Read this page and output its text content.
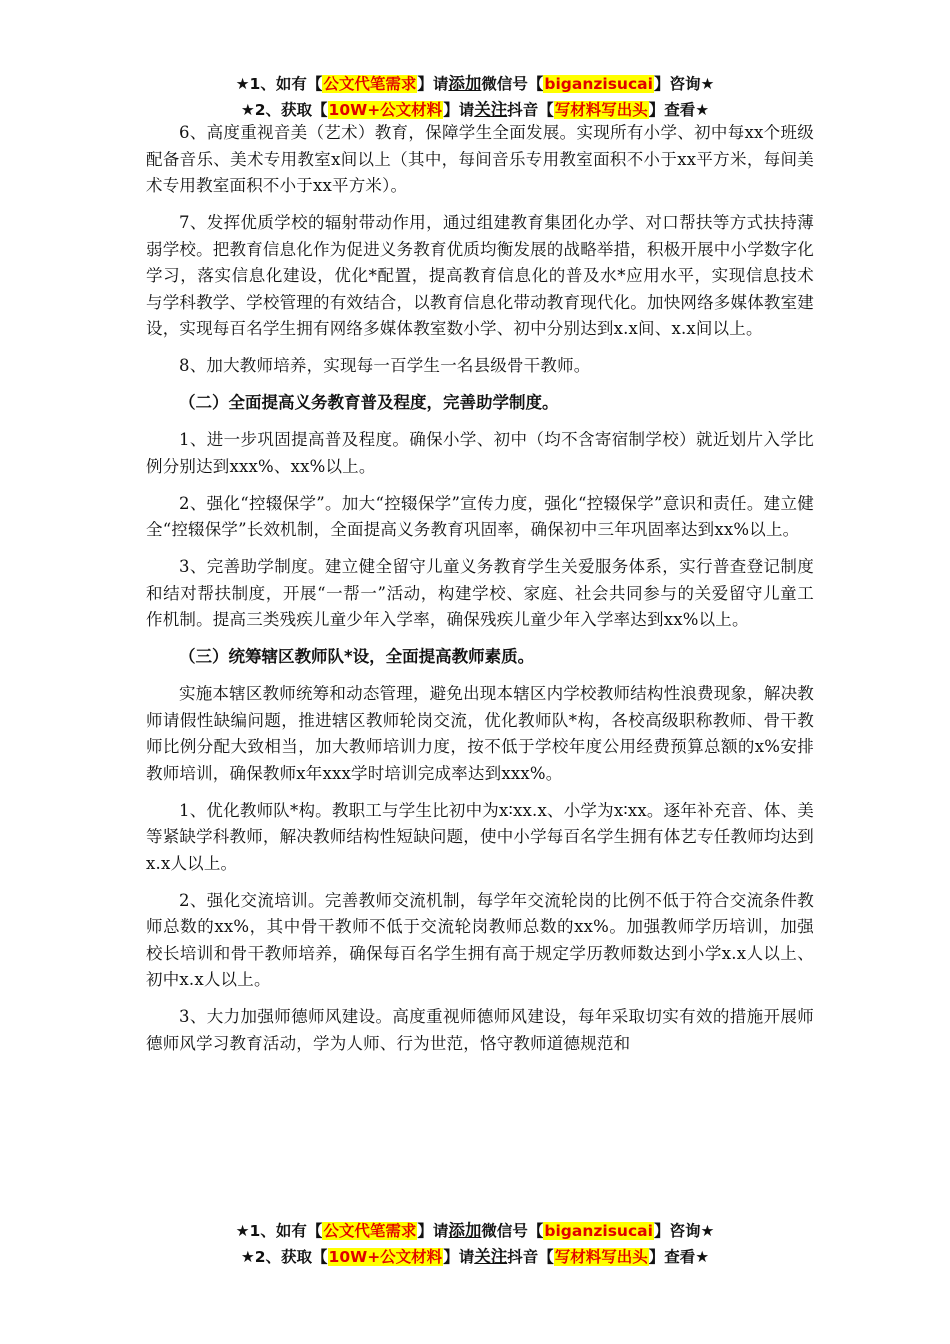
★1、如有【公文代笔需求】请添加微信号【biganzisucai】咨询★
★2、获取【10W+公文材料】请关注抖音【写材料写出头】查看★

6、高度重视音美（艺术）教育，保障学生全面发展。实现所有小学、初中每xx个班级配备音乐、美术专用教室x间以上（其中，每间音乐专用教室面积不小于xx平方米，每间美术专用教室面积不小于xx平方米）。

7、发挥优质学校的辐射带动作用，通过组建教育集团化办学、对口帮扶等方式扶持薄弱学校。把教育信息化作为促进义务教育优质均衡发展的战略举措，积极开展中小学数字化学习，落实信息化建设，优化*配置，提高教育信息化的普及水*应用水平，实现信息技术与学科教学、学校管理的有效结合，以教育信息化带动教育现代化。加快网络多媒体教室建设，实现每百名学生拥有网络多媒体教室数小学、初中分别达到x.x间、x.x间以上。

8、加大教师培养，实现每一百学生一名县级骨干教师。

（二）全面提高义务教育普及程度，完善助学制度。

1、进一步巩固提高普及程度。确保小学、初中（均不含寄宿制学校）就近划片入学比例分别达到xxx%、xx%以上。

2、强化“控辍保学”。加大“控辍保学”宣传力度，强化“控辍保学”意识和责任。建立健全“控辍保学”长效机制，全面提高义务教育巩固率，确保初中三年巩固率达到xx%以上。

3、完善助学制度。建立健全留守儿童义务教育学生关爱服务体系，实行普查登记制度和结对帮扶制度，开展“一帮一”活动，构建学校、家庭、社会共同参与的关爱留守儿童工作机制。提高三类残疾儿童少年入学率，确保残疾儿童少年入学率达到xx%以上。

（三）统筹辖区教师队*设，全面提高教师素质。

实施本辖区教师统筹和动态管理，避免出现本辖区内学校教师结构性浪费现象，解决教师请假性缺编问题，推进辖区教师轮岗交流，优化教师队*构，各校高级职称教师、骨干教师比例分配大致相当，加大教师培训力度，按不低于学校年度公用经费预算总额的x%安排教师培训，确保教师x年xxx学时培训完成率达到xxx%。

1、优化教师队*构。教职工与学生比初中为x∶xx.x、小学为x∶xx。逐年补充音、体、美等紧缺学科教师，解决教师结构性短缺问题，使中小学每百名学生拥有体艺专任教师均达到x.x人以上。

2、强化交流培训。完善教师交流机制，每学年交流轮岗的比例不低于符合交流条件教师总数的xx%，其中骨干教师不低于交流轮岗教师总数的xx%。加强教师学历培训，加强校长培训和骨干教师培养，确保每百名学生拥有高于规定学历教师数达到小学x.x人以上、初中x.x人以上。

3、大力加强师德师风建设。高度重视师德师风建设，每年采取切实有效的措施开展师德师风学习教育活动，学为人师、行为世范，恪守教师道德规范和

★1、如有【公文代笔需求】请添加微信号【biganzisucai】咨询★
★2、获取【10W+公文材料】请关注抖音【写材料写出头】查看★
